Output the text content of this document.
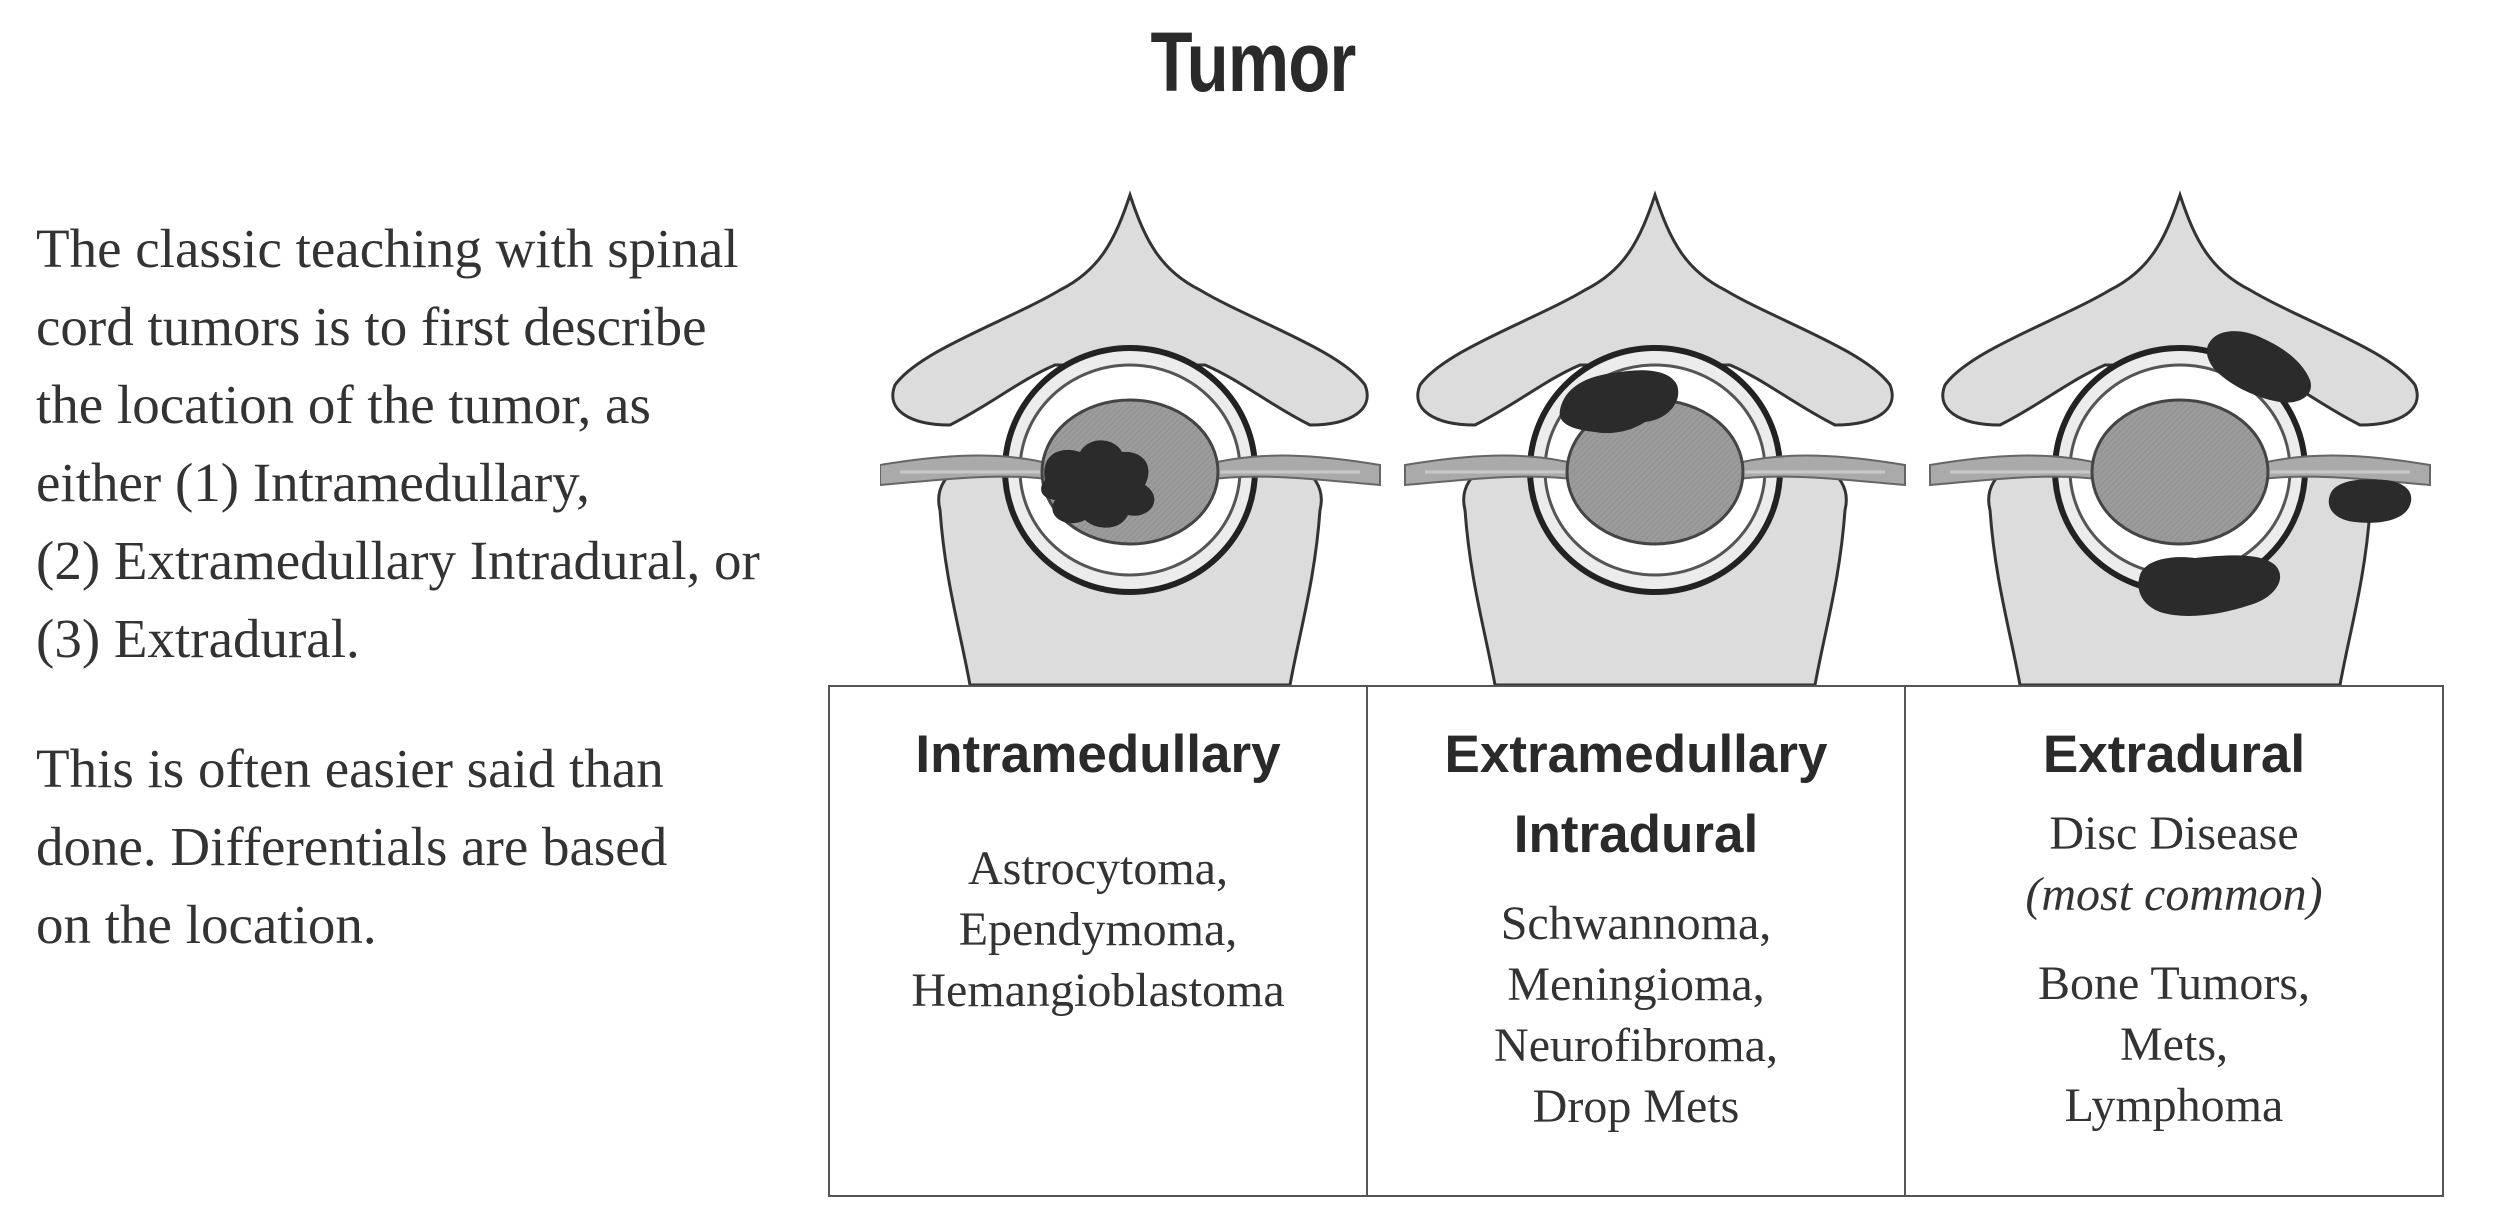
Tumor

The classic teaching with spinal
cord tumors is to first describe
the location of the tumor, as
either (1) Intramedullary,
(2) Extramedullary Intradural, or
(3) Extradural.

This is often easier said than
done. Differentials are based
on the location.

Intramedullary
Astrocytoma,
Ependymoma,
Hemangioblastoma
Extramedullary
Intradural
Schwannoma,
Meningioma,
Neurofibroma,
Drop Mets
Extradural
Disc Disease
(most common)
Bone Tumors,
Mets,
Lymphoma
